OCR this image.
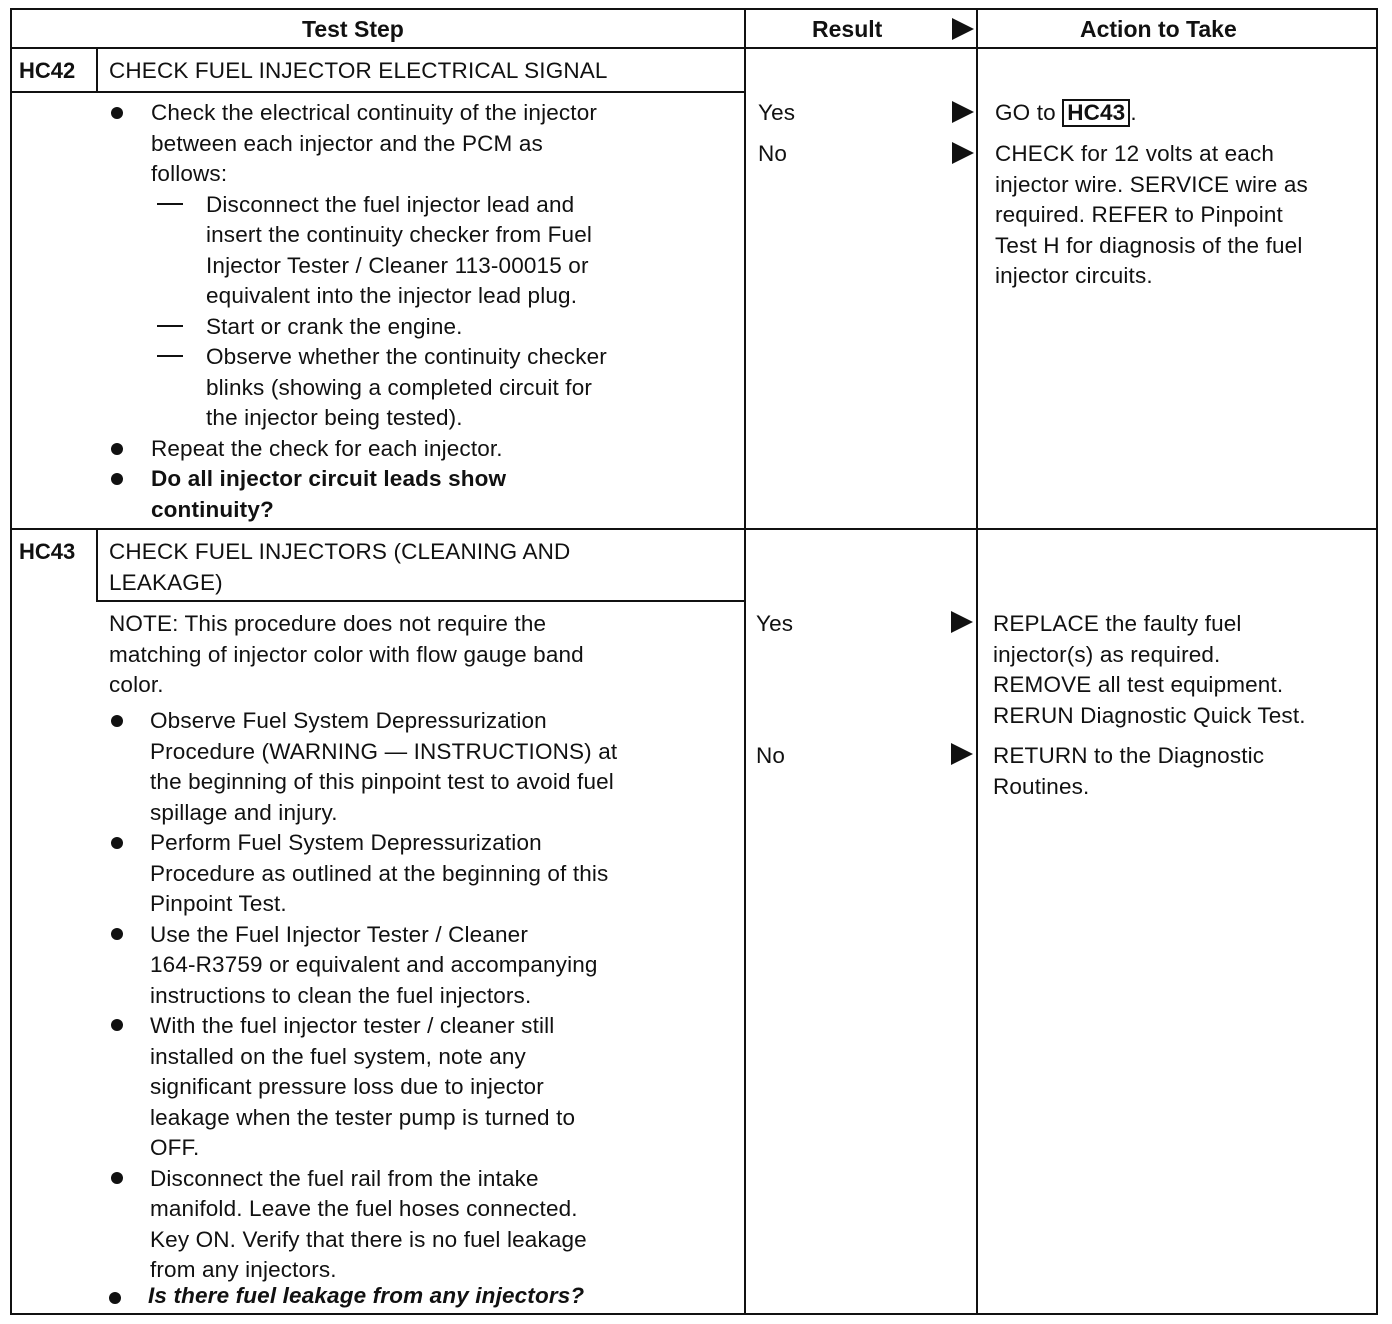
Test Step	Result	Action to Take
HC42 CHECK FUEL INJECTOR ELECTRICAL SIGNAL
Check the electrical continuity of the injector
between each injector and the PCM as
follows:
Disconnect the fuel injector lead and
insert the continuity checker from Fuel
Injector Tester / Cleaner 113-00015 or
equivalent into the injector lead plug.
Start or crank the engine.
Observe whether the continuity checker
blinks (showing a completed circuit for
the injector being tested).
Repeat the check for each injector.
Do all injector circuit leads show
continuity?
Yes
No
GO to HC43 .
CHECK for 12 volts at each
injector wire. SERVICE wire as
required. REFER to Pinpoint
Test H for diagnosis of the fuel
injector circuits.
HC43 CHECK FUEL INJECTORS (CLEANING AND
LEAKAGE)
NOTE: This procedure does not require the
matching of injector color with flow gauge band
color.
Observe Fuel System Depressurization
Procedure (WARNING — INSTRUCTIONS) at
the beginning of this pinpoint test to avoid fuel
spillage and injury.
Perform Fuel System Depressurization
Procedure as outlined at the beginning of this
Pinpoint Test.
Use the Fuel Injector Tester / Cleaner
164-R3759 or equivalent and accompanying
instructions to clean the fuel injectors.
With the fuel injector tester / cleaner still
installed on the fuel system, note any
significant pressure loss due to injector
leakage when the tester pump is turned to
OFF.
Disconnect the fuel rail from the intake
manifold. Leave the fuel hoses connected.
Key ON. Verify that there is no fuel leakage
from any injectors.
Is there fuel leakage from any injectors?
Yes
No
REPLACE the faulty fuel
injector(s) as required.
REMOVE all test equipment.
RERUN Diagnostic Quick Test.
RETURN to the Diagnostic
Routines.
